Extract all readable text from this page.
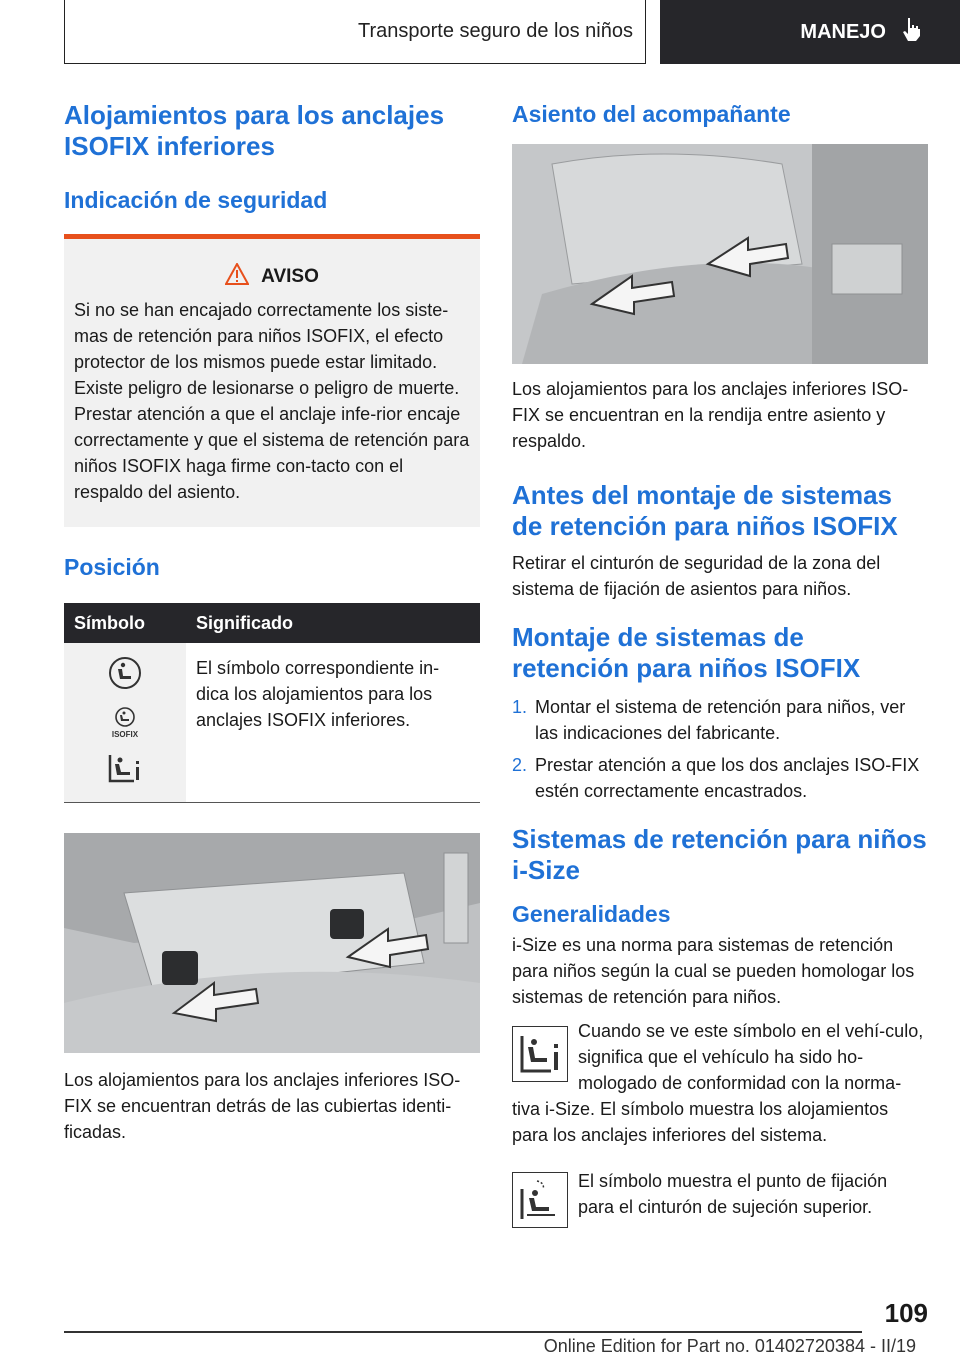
Transporte seguro de los niños	MANEJO
Alojamientos para los anclajes ISOFIX inferiores
Indicación de seguridad
AVISO

Si no se han encajado correctamente los siste-mas de retención para niños ISOFIX, el efecto protector de los mismos puede estar limitado. Existe peligro de lesionarse o peligro de muerte. Prestar atención a que el anclaje infe-rior encaje correctamente y que el sistema de retención para niños ISOFIX haga firme con-tacto con el respaldo del asiento.

Posición
Símbolo	Significado

ISOFIX	El símbolo correspondiente in-dica los alojamientos para los anclajes ISOFIX inferiores.

Los alojamientos para los anclajes inferiores ISO-FIX se encuentran detrás de las cubiertas identi-ficadas.

Asiento del acompañante

Los alojamientos para los anclajes inferiores ISO-FIX se encuentran en la rendija entre asiento y respaldo.

Antes del montaje de sistemas de retención para niños ISOFIX

Retirar el cinturón de seguridad de la zona del sistema de fijación de asientos para niños.

Montaje de sistemas de retención para niños ISOFIX
1. Montar el sistema de retención para niños, ver las indicaciones del fabricante.
2. Prestar atención a que los dos anclajes ISO-FIX estén correctamente encastrados.
Sistemas de retención para niños i-Size
Generalidades

i-Size es una norma para sistemas de retención para niños según la cual se pueden homologar los sistemas de retención para niños.

Cuando se ve este símbolo en el vehí-culo, significa que el vehículo ha sido ho-mologado de conformidad con la norma-tiva i-Size. El símbolo muestra los alojamientos para los anclajes inferiores del sistema.

El símbolo muestra el punto de fijación para el cinturón de sujeción superior.

109
Online Edition for Part no. 01402720384 - II/19
